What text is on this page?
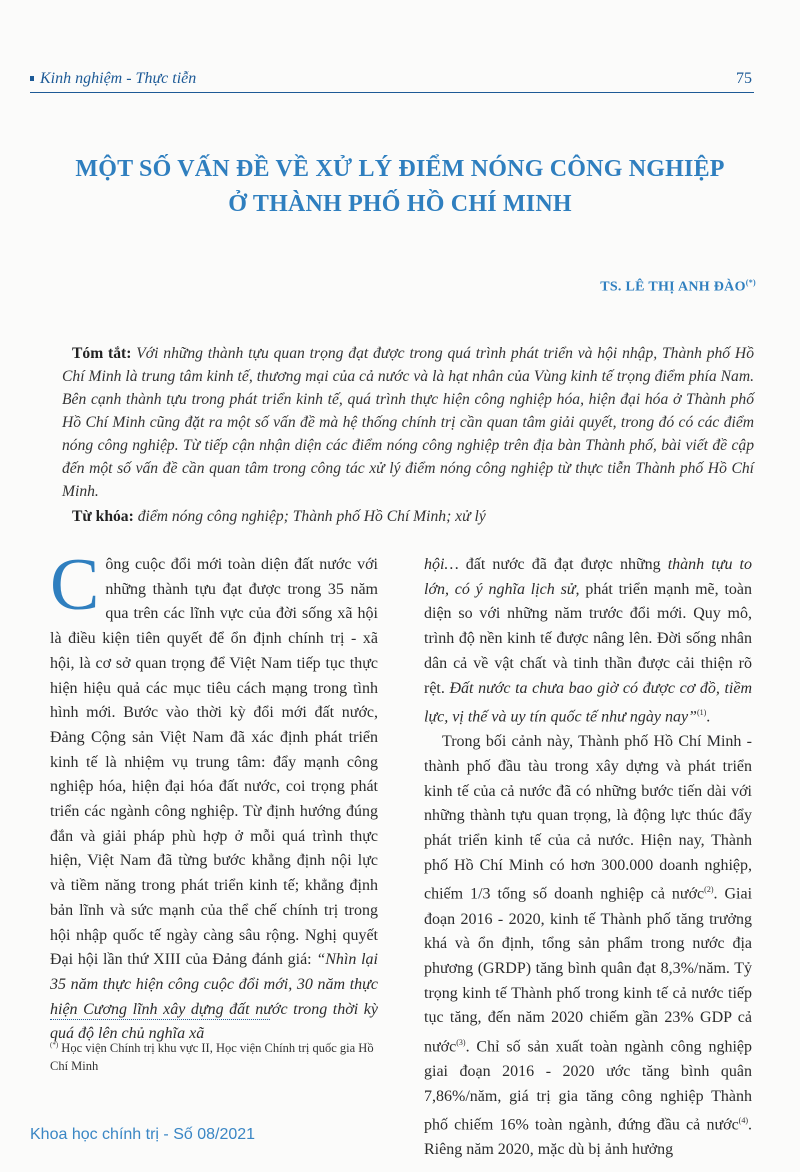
Kinh nghiệm - Thực tiễn	75
MỘT SỐ VẤN ĐỀ VỀ XỬ LÝ ĐIỂM NÓNG CÔNG NGHIỆP
Ở THÀNH PHỐ HỒ CHÍ MINH
TS. LÊ THỊ ANH ĐÀO(*)

Tóm tắt: Với những thành tựu quan trọng đạt được trong quá trình phát triển và hội nhập, Thành phố Hồ Chí Minh là trung tâm kinh tế, thương mại của cả nước và là hạt nhân của Vùng kinh tế trọng điểm phía Nam. Bên cạnh thành tựu trong phát triển kinh tế, quá trình thực hiện công nghiệp hóa, hiện đại hóa ở Thành phố Hồ Chí Minh cũng đặt ra một số vấn đề mà hệ thống chính trị cần quan tâm giải quyết, trong đó có các điểm nóng công nghiệp. Từ tiếp cận nhận diện các điểm nóng công nghiệp trên địa bàn Thành phố, bài viết đề cập đến một số vấn đề cần quan tâm trong công tác xử lý điểm nóng công nghiệp từ thực tiễn Thành phố Hồ Chí Minh.

Từ khóa: điểm nóng công nghiệp; Thành phố Hồ Chí Minh; xử lý

Công cuộc đổi mới toàn diện đất nước với những thành tựu đạt được trong 35 năm qua trên các lĩnh vực của đời sống xã hội là điều kiện tiên quyết để ổn định chính trị - xã hội, là cơ sở quan trọng để Việt Nam tiếp tục thực hiện hiệu quả các mục tiêu cách mạng trong tình hình mới. Bước vào thời kỳ đổi mới đất nước, Đảng Cộng sản Việt Nam đã xác định phát triển kinh tế là nhiệm vụ trung tâm: đẩy mạnh công nghiệp hóa, hiện đại hóa đất nước, coi trọng phát triển các ngành công nghiệp. Từ định hướng đúng đắn và giải pháp phù hợp ở mỗi quá trình thực hiện, Việt Nam đã từng bước khẳng định nội lực và tiềm năng trong phát triển kinh tế; khẳng định bản lĩnh và sức mạnh của thể chế chính trị trong hội nhập quốc tế ngày càng sâu rộng. Nghị quyết Đại hội lần thứ XIII của Đảng đánh giá: “Nhìn lại 35 năm thực hiện công cuộc đổi mới, 30 năm thực hiện Cương lĩnh xây dựng đất nước trong thời kỳ quá độ lên chủ nghĩa xã

hội… đất nước đã đạt được những thành tựu to lớn, có ý nghĩa lịch sử, phát triển mạnh mẽ, toàn diện so với những năm trước đổi mới. Quy mô, trình độ nền kinh tế được nâng lên. Đời sống nhân dân cả về vật chất và tinh thần được cải thiện rõ rệt. Đất nước ta chưa bao giờ có được cơ đồ, tiềm lực, vị thế và uy tín quốc tế như ngày nay”$^{(1)}$.

Trong bối cảnh này, Thành phố Hồ Chí Minh - thành phố đầu tàu trong xây dựng và phát triển kinh tế của cả nước đã có những bước tiến dài với những thành tựu quan trọng, là động lực thúc đẩy phát triển kinh tế của cả nước. Hiện nay, Thành phố Hồ Chí Minh có hơn 300.000 doanh nghiệp, chiếm 1/3 tổng số doanh nghiệp cả nước$^{(2)}$. Giai đoạn 2016 - 2020, kinh tế Thành phố tăng trưởng khá và ổn định, tổng sản phẩm trong nước địa phương (GRDP) tăng bình quân đạt 8,3%/năm. Tỷ trọng kinh tế Thành phố trong kinh tế cả nước tiếp tục tăng, đến năm 2020 chiếm gần 23% GDP cả nước$^{(3)}$. Chỉ số sản xuất toàn ngành công nghiệp giai đoạn 2016 - 2020 ước tăng bình quân 7,86%/năm, giá trị gia tăng công nghiệp Thành phố chiếm 16% toàn ngành, đứng đầu cả nước$^{(4)}$. Riêng năm 2020, mặc dù bị ảnh hưởng

(*) Học viện Chính trị khu vực II, Học viện Chính trị quốc gia Hồ Chí Minh
Khoa học chính trị - Số 08/2021
